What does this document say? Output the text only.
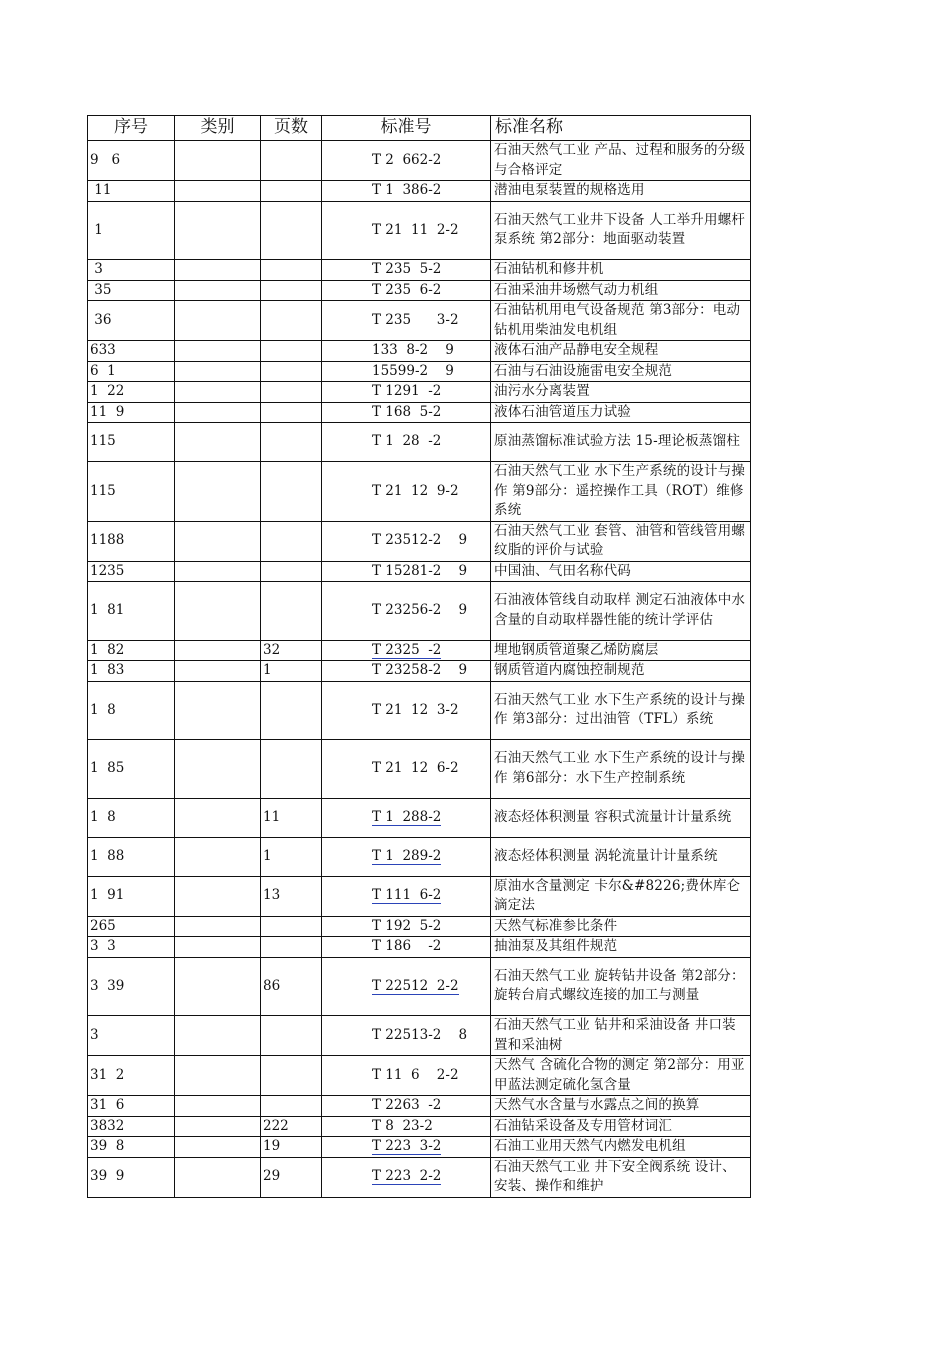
序号	类别	页数	标准号	标准名称
9   6			T 2  662-2	石油天然气工业 产品、过程和服务的分级与合格评定
11			T 1  386-2	潜油电泵装置的规格选用
1			T 21  11  2-2	石油天然气工业井下设备 人工举升用螺杆泵系统 第2部分：地面驱动装置
3			T 235  5-2	石油钻机和修井机
35			T 235  6-2	石油采油井场燃气动力机组
36			T 235      3-2	石油钻机用电气设备规范 第3部分：电动钻机用柴油发电机组
633			133  8-2    9	液体石油产品静电安全规程
6  1			15599-2    9	石油与石油设施雷电安全规范
1  22			T 1291  -2	油污水分离装置
11  9			T 168  5-2	液体石油管道压力试验
115			T 1  28  -2	原油蒸馏标准试验方法 15-理论板蒸馏柱
115			T 21  12  9-2	石油天然气工业 水下生产系统的设计与操作 第9部分：遥控操作工具（ROT）维修系统
1188			T 23512-2    9	石油天然气工业 套管、油管和管线管用螺纹脂的评价与试验
1235			T 15281-2    9	中国油、气田名称代码
1  81			T 23256-2    9	石油液体管线自动取样 测定石油液体中水含量的自动取样器性能的统计学评估
1  82		32	T 2325  -2	埋地钢质管道聚乙烯防腐层
1  83		1	T 23258-2    9	钢质管道内腐蚀控制规范
1  8			T 21  12  3-2	石油天然气工业 水下生产系统的设计与操作 第3部分：过出油管（TFL）系统
1  85			T 21  12  6-2	石油天然气工业 水下生产系统的设计与操作 第6部分：水下生产控制系统
1  8		11	T 1  288-2	液态烃体积测量 容积式流量计计量系统
1  88		1	T 1  289-2	液态烃体积测量 涡轮流量计计量系统
1  91		13	T 111  6-2	原油水含量测定 卡尔&#8226;费休库仑滴定法
265			T 192  5-2	天然气标准参比条件
3  3			T 186    -2	抽油泵及其组件规范
3  39		86	T 22512  2-2	石油天然气工业 旋转钻井设备 第2部分：旋转台肩式螺纹连接的加工与测量
3			T 22513-2    8	石油天然气工业 钻井和采油设备 井口装置和采油树
31  2			T 11  6    2-2	天然气 含硫化合物的测定 第2部分：用亚甲蓝法测定硫化氢含量
31  6			T 2263  -2	天然气水含量与水露点之间的换算
3832		222	T 8  23-2	石油钻采设备及专用管材词汇
39  8		19	T 223  3-2	石油工业用天然气内燃发电机组
39  9		29	T 223  2-2	石油天然气工业 井下安全阀系统 设计、安装、操作和维护
